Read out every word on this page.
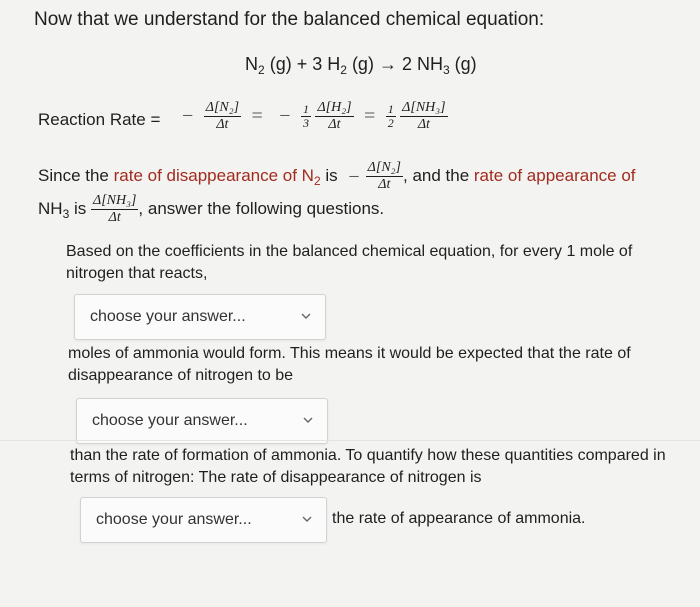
Now that we understand for the balanced chemical equation:
$N_2$ (g) + 3 $H_2$ (g) → 2 $NH_3$ (g)
Reaction Rate =	− $\frac{\text{Δ[N₂]}}{\Delta t}$ = − $\frac{1}{3}$
$\frac{\text{Δ[H₂]}}{\Delta t} = \frac{1}{2}$
$\frac{\text{Δ[NH₃]}}{\Delta t}$
Since the rate of disappearance of $N_2$ is − $\frac{\text{Δ[N₂]}}{\Delta t}$ , and the rate of appearance of
$NH_3$ is $\frac{\text{Δ[NH₃]}}{\Delta t}$ , answer the following questions.
Based on the coefficients in the balanced chemical equation, for every 1 mole of nitrogen that reacts,
choose your answer...
moles of ammonia would form. This means it would be expected that the rate of disappearance of nitrogen to be
choose your answer...
than the rate of formation of ammonia. To quantify how these quantities compared in terms of nitrogen: The rate of disappearance of nitrogen is
choose your answer...	the rate of appearance of ammonia.
